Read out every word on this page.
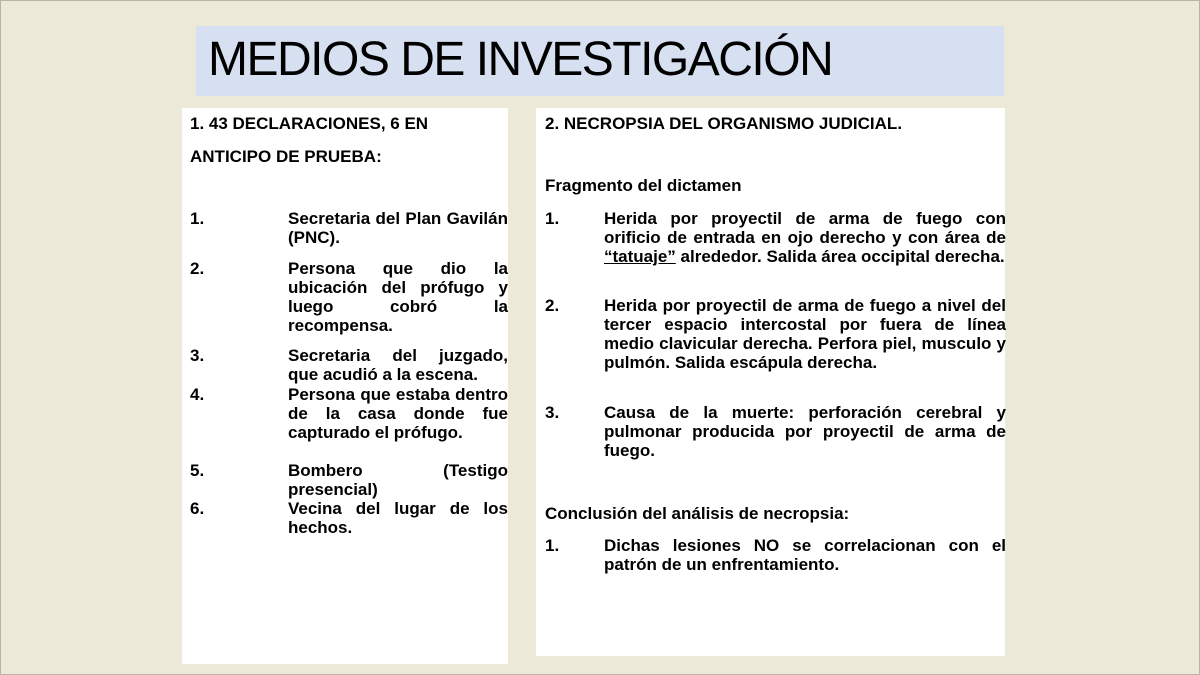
MEDIOS DE INVESTIGACIÓN
1. 43 DECLARACIONES, 6 EN
ANTICIPO DE PRUEBA:
1.	Secretaria del Plan Gavilán (PNC).
2.	Persona que dio la ubicación del prófugo y luego cobró la recompensa.
3.	Secretaria del juzgado, que acudió a la escena.
4.	Persona que estaba dentro de la casa donde fue capturado el prófugo.
5.	Bombero (Testigo presencial)
6.	Vecina del lugar de los hechos.
2. NECROPSIA DEL ORGANISMO JUDICIAL.
Fragmento del dictamen
1.	Herida por proyectil de arma de fuego con orificio de entrada en ojo derecho y con área de “tatuaje” alrededor. Salida área occipital derecha.
2.	Herida por proyectil de arma de fuego a nivel del tercer espacio intercostal por fuera de línea medio clavicular derecha. Perfora piel, musculo y pulmón. Salida escápula derecha.
3.	Causa de la muerte: perforación cerebral y pulmonar producida por proyectil de arma de fuego.
Conclusión del análisis de necropsia:
1.	Dichas lesiones NO se correlacionan con el patrón de un enfrentamiento.
